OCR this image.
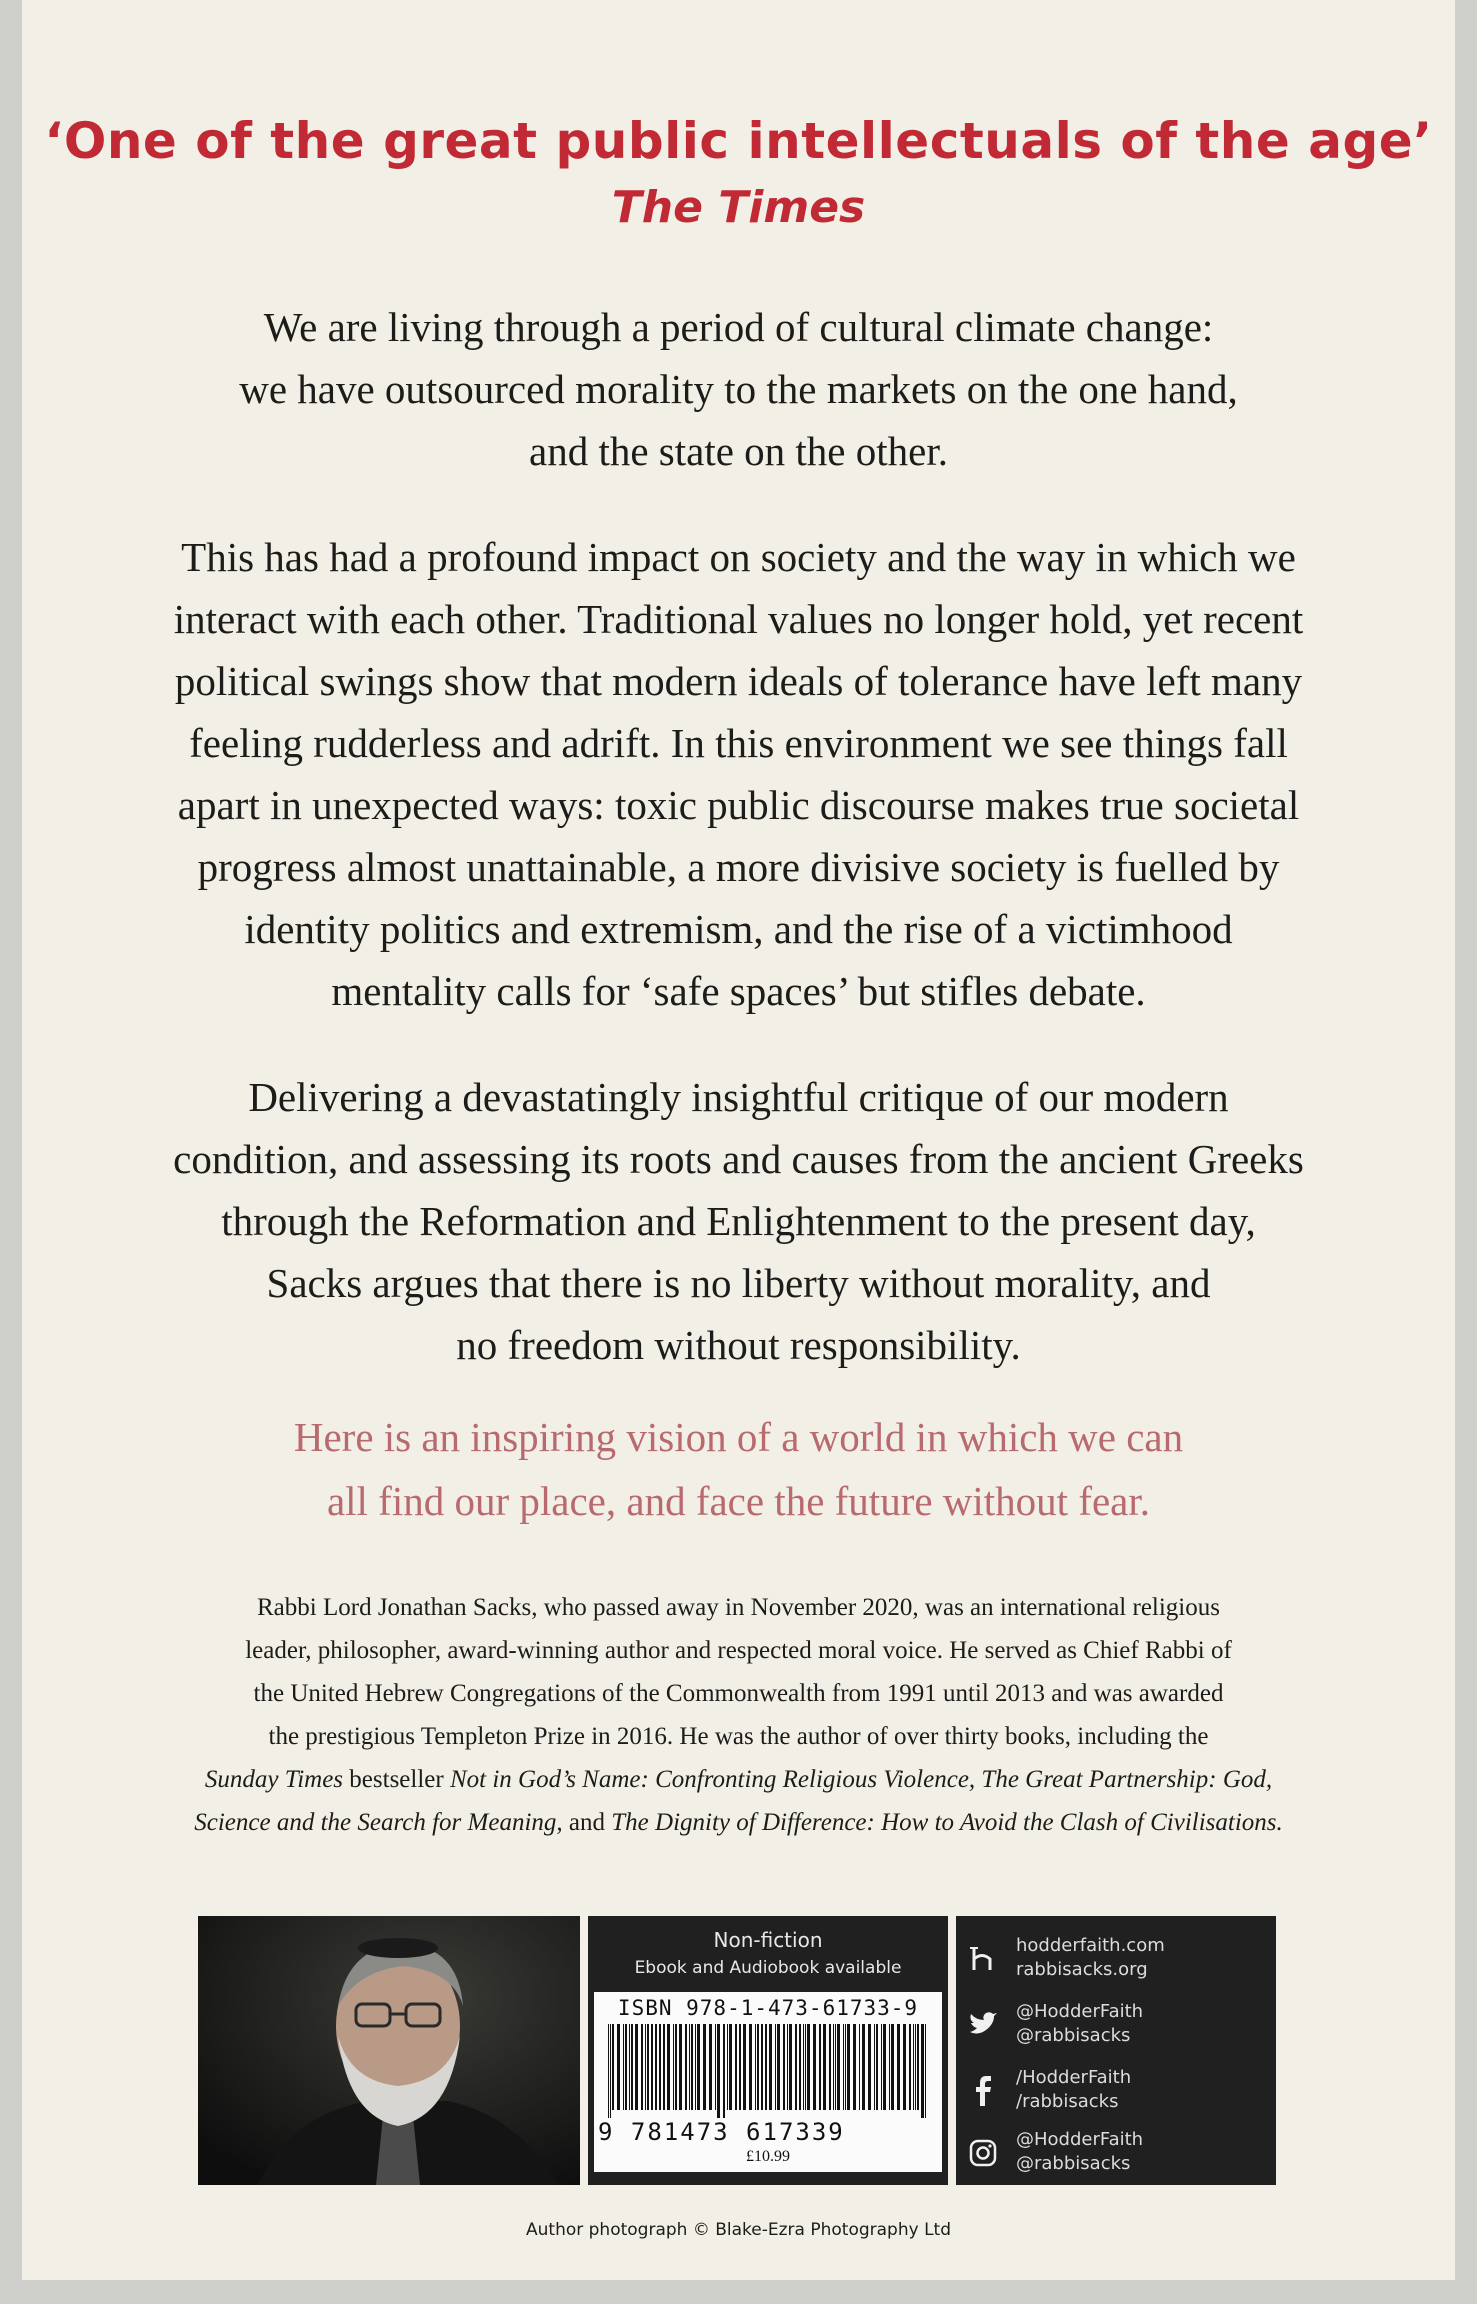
‘One of the great public intellectuals of the age’
The Times
We are living through a period of cultural climate change:
we have outsourced morality to the markets on the one hand,
and the state on the other.
This has had a profound impact on society and the way in which we
interact with each other. Traditional values no longer hold, yet recent
political swings show that modern ideals of tolerance have left many
feeling rudderless and adrift. In this environment we see things fall
apart in unexpected ways: toxic public discourse makes true societal
progress almost unattainable, a more divisive society is fuelled by
identity politics and extremism, and the rise of a victimhood
mentality calls for ‘safe spaces’ but stifles debate.
Delivering a devastatingly insightful critique of our modern
condition, and assessing its roots and causes from the ancient Greeks
through the Reformation and Enlightenment to the present day,
Sacks argues that there is no liberty without morality, and
no freedom without responsibility.
Here is an inspiring vision of a world in which we can
all find our place, and face the future without fear.
Rabbi Lord Jonathan Sacks, who passed away in November 2020, was an international religious
leader, philosopher, award-winning author and respected moral voice. He served as Chief Rabbi of
the United Hebrew Congregations of the Commonwealth from 1991 until 2013 and was awarded
the prestigious Templeton Prize in 2016. He was the author of over thirty books, including the
Sunday Times bestseller Not in God’s Name: Confronting Religious Violence, The Great Partnership: God,
Science and the Search for Meaning, and The Dignity of Difference: How to Avoid the Clash of Civilisations.
Non-fiction
Ebook and Audiobook available
ISBN 978-1-473-61733-9
9 781473 617339
£10.99
hodderfaith.com
rabbisacks.org
@HodderFaith
@rabbisacks
/HodderFaith
/rabbisacks
@HodderFaith
@rabbisacks
Author photograph © Blake-Ezra Photography Ltd
